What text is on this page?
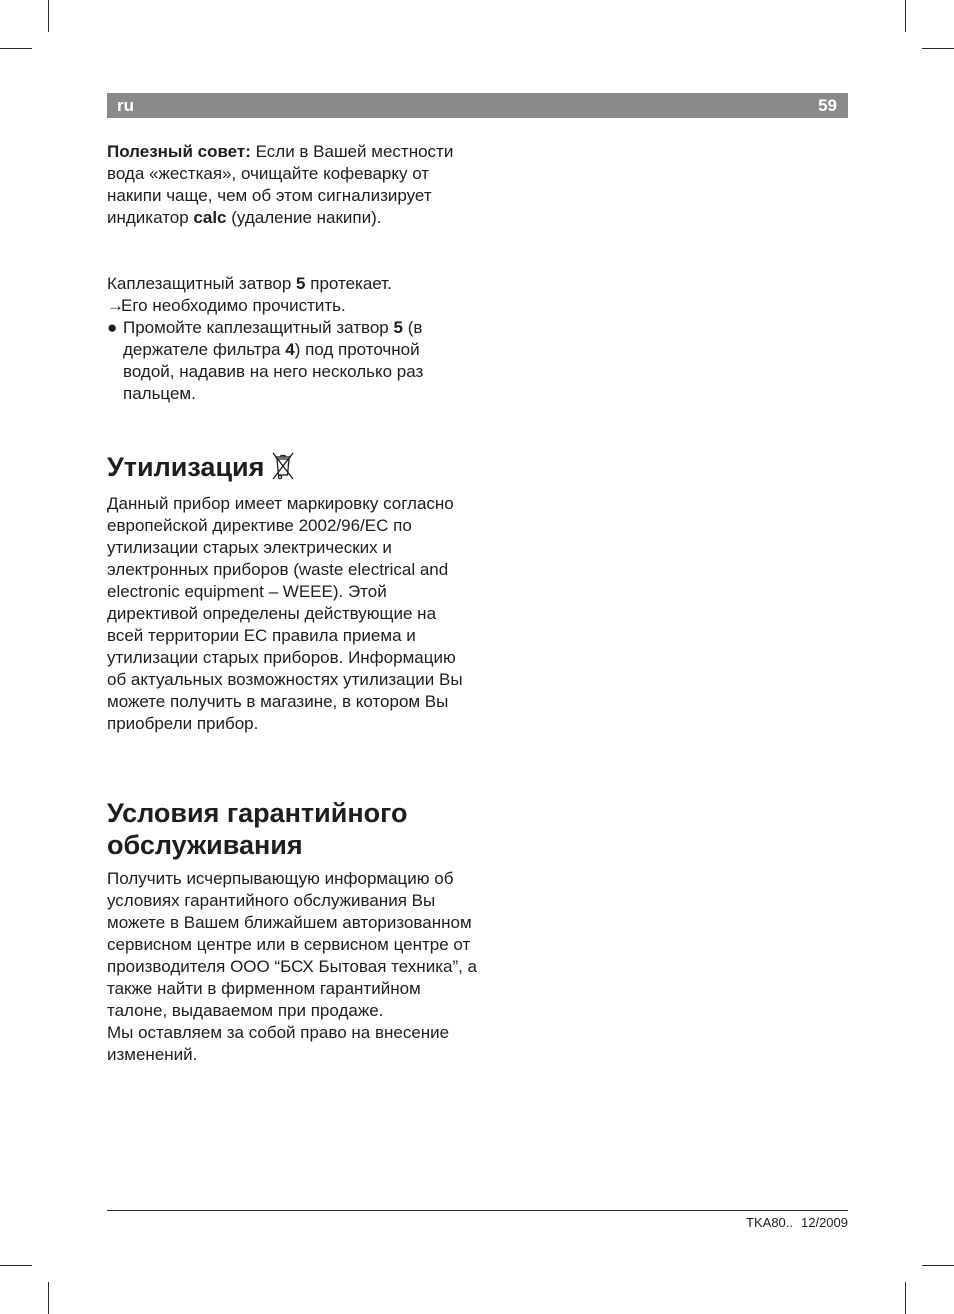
ru	59

Полезный совет: Если в Вашей местности вода «жесткая», очищайте кофеварку от накипи чаще, чем об этом сигнализирует индикатор calc (удаление накипи).

Каплезащитный затвор 5 протекает.

→Его необходимо прочистить.

● Промойте каплезащитный затвор 5 (в держателе фильтра 4) под проточной водой, надавив на него несколько раз пальцем.

Утилизация

Данный прибор имеет маркировку согласно европейской директиве 2002/96/EC по утилизации старых электрических и электронных приборов (waste electrical and electronic equipment – WEEE). Этой директивой определены действующие на всей территории ЕС правила приема и утилизации старых приборов. Информацию об актуальных возможностях утилизации Вы можете получить в магазине, в котором Вы приобрели прибор.

Условия гарантийного обслуживания

Получить исчерпывающую информацию об условиях гарантийного обслуживания Вы можете в Вашем ближайшем авторизованном сервисном центре или в сервисном центре от производителя ООО “БСХ Бытовая техника”, а также найти в фирменном гарантийном талоне, выдаваемом при продаже.

Мы оставляем за собой право на внесение изменений.

TKA80.. 12/2009
